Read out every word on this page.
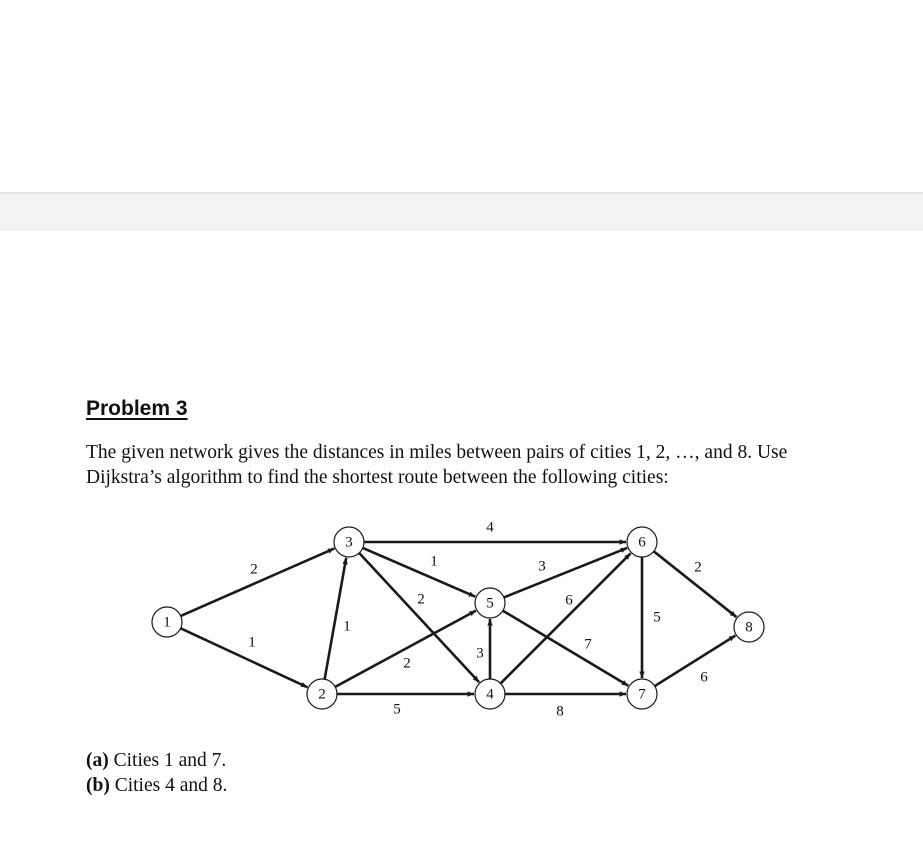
Problem 3

The given network gives the distances in miles between pairs of cities 1, 2, …, and 8. Use Dijkstra’s algorithm to find the shortest route between the following cities:

2
1
1
2
5
4
1
2
3
3
6
7
8
5
2
6
1
2
3
4
5
6
7
8

(a) Cities 1 and 7.

(b) Cities 4 and 8.
